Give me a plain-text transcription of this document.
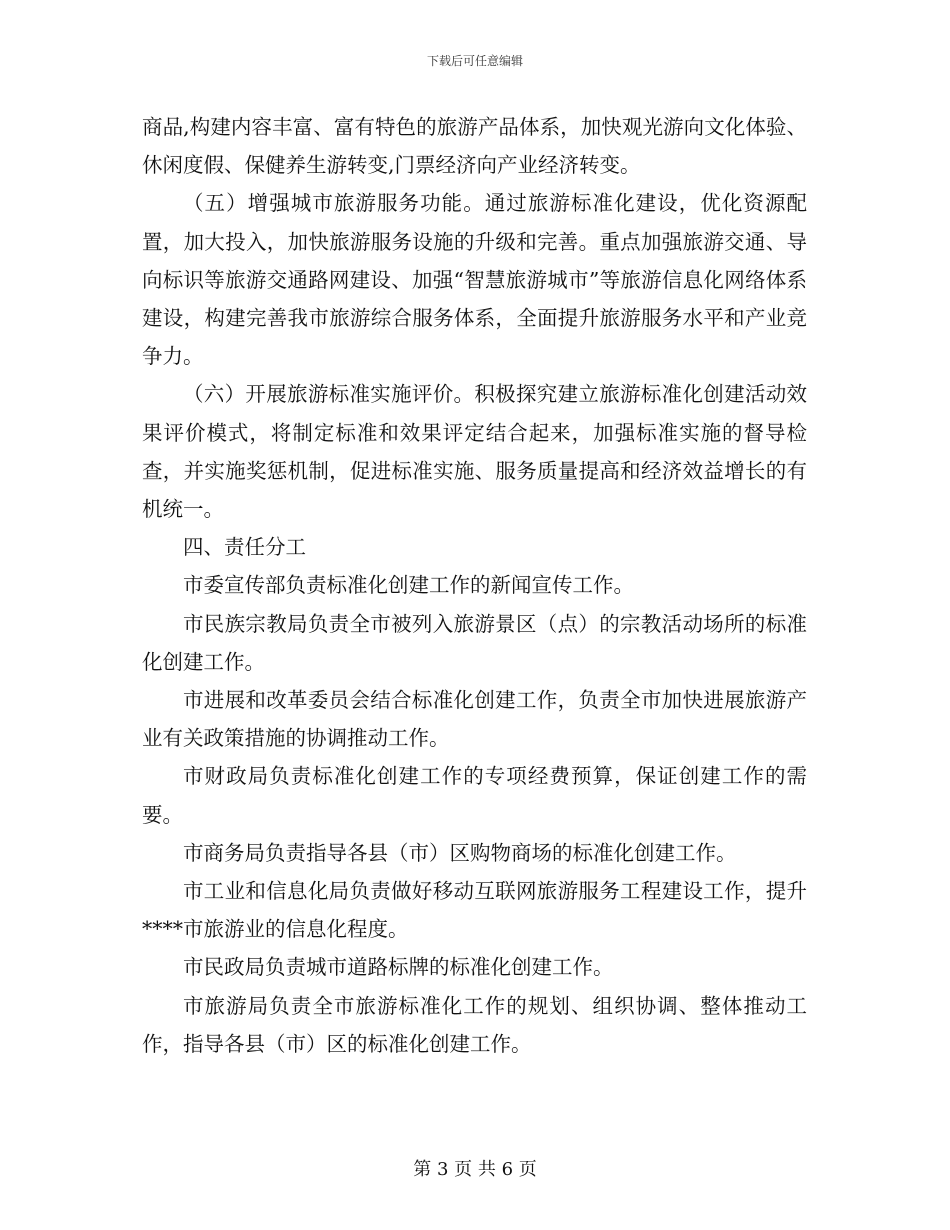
下载后可任意编辑

商品,构建内容丰富、富有特色的旅游产品体系，加快观光游向文化体验、休闲度假、保健养生游转变,门票经济向产业经济转变。

（五）增强城市旅游服务功能。通过旅游标准化建设，优化资源配置，加大投入，加快旅游服务设施的升级和完善。重点加强旅游交通、导向标识等旅游交通路网建设、加强“智慧旅游城市”等旅游信息化网络体系建设，构建完善我市旅游综合服务体系，全面提升旅游服务水平和产业竞争力。

（六）开展旅游标准实施评价。积极探究建立旅游标准化创建活动效果评价模式，将制定标准和效果评定结合起来，加强标准实施的督导检查，并实施奖惩机制，促进标准实施、服务质量提高和经济效益增长的有机统一。

四、责任分工

市委宣传部负责标准化创建工作的新闻宣传工作。

市民族宗教局负责全市被列入旅游景区（点）的宗教活动场所的标准化创建工作。

市进展和改革委员会结合标准化创建工作，负责全市加快进展旅游产业有关政策措施的协调推动工作。

市财政局负责标准化创建工作的专项经费预算，保证创建工作的需要。

市商务局负责指导各县（市）区购物商场的标准化创建工作。

市工业和信息化局负责做好移动互联网旅游服务工程建设工作，提升****市旅游业的信息化程度。

市民政局负责城市道路标牌的标准化创建工作。

市旅游局负责全市旅游标准化工作的规划、组织协调、整体推动工作，指导各县（市）区的标准化创建工作。

第 3 页 共 6 页
